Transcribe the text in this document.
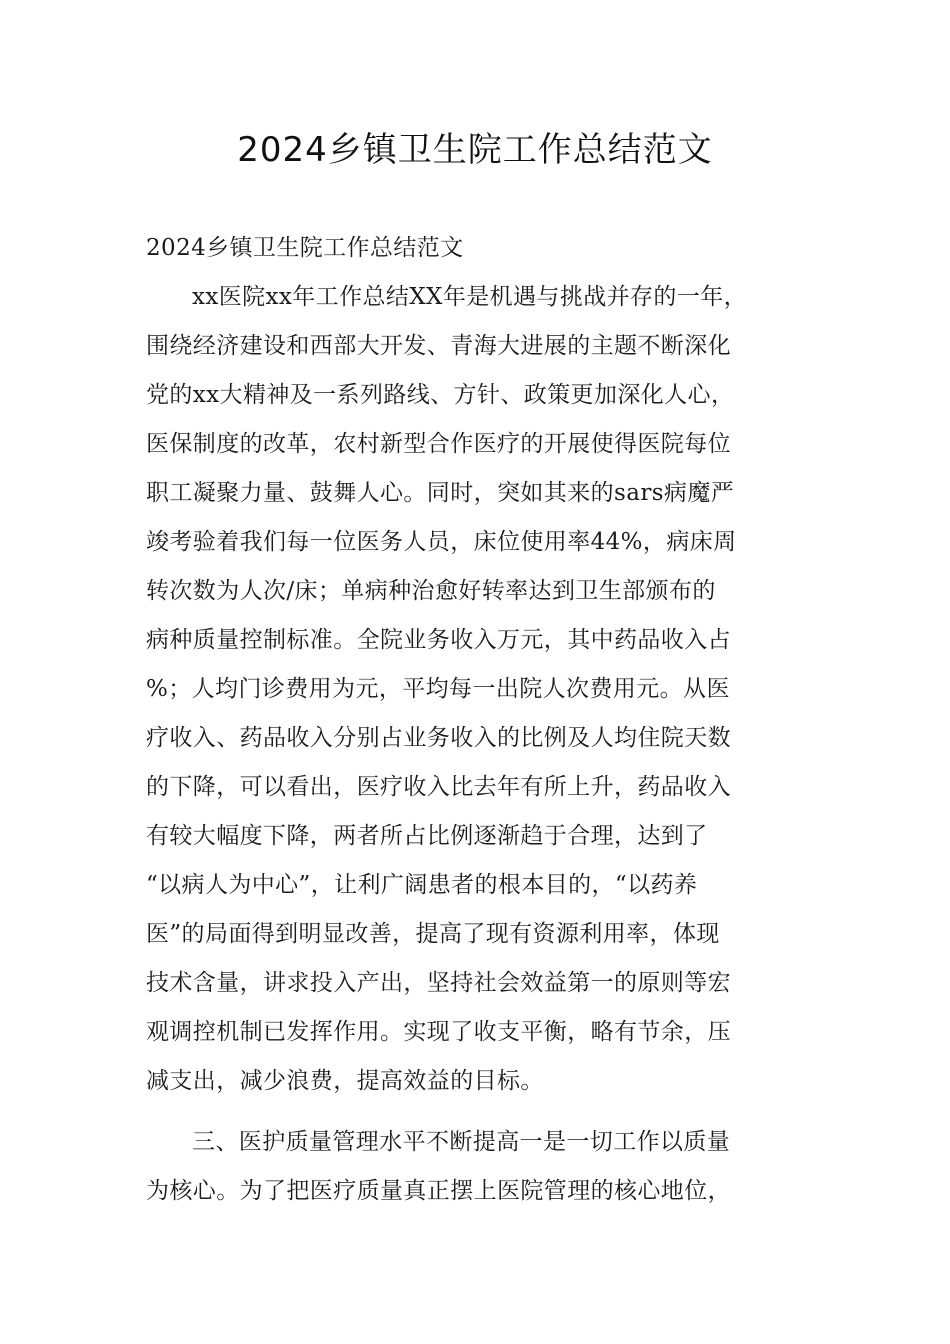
2024乡镇卫生院工作总结范文
2024乡镇卫生院工作总结范文
xx医院xx年工作总结XX年是机遇与挑战并存的一年，
围绕经济建设和西部大开发、青海大进展的主题不断深化
党的xx大精神及一系列路线、方针、政策更加深化人心，
医保制度的改革，农村新型合作医疗的开展使得医院每位
职工凝聚力量、鼓舞人心。同时，突如其来的sars病魔严
竣考验着我们每一位医务人员，床位使用率44%，病床周
转次数为人次/床；单病种治愈好转率达到卫生部颁布的
病种质量控制标准。全院业务收入万元，其中药品收入占
%；人均门诊费用为元，平均每一出院人次费用元。从医
疗收入、药品收入分别占业务收入的比例及人均住院天数
的下降，可以看出，医疗收入比去年有所上升，药品收入
有较大幅度下降，两者所占比例逐渐趋于合理，达到了
“以病人为中心”，让利广阔患者的根本目的，“以药养
医”的局面得到明显改善，提高了现有资源利用率，体现
技术含量，讲求投入产出，坚持社会效益第一的原则等宏
观调控机制已发挥作用。实现了收支平衡，略有节余，压
减支出，减少浪费，提高效益的目标。
三、医护质量管理水平不断提高一是一切工作以质量
为核心。为了把医疗质量真正摆上医院管理的核心地位，
